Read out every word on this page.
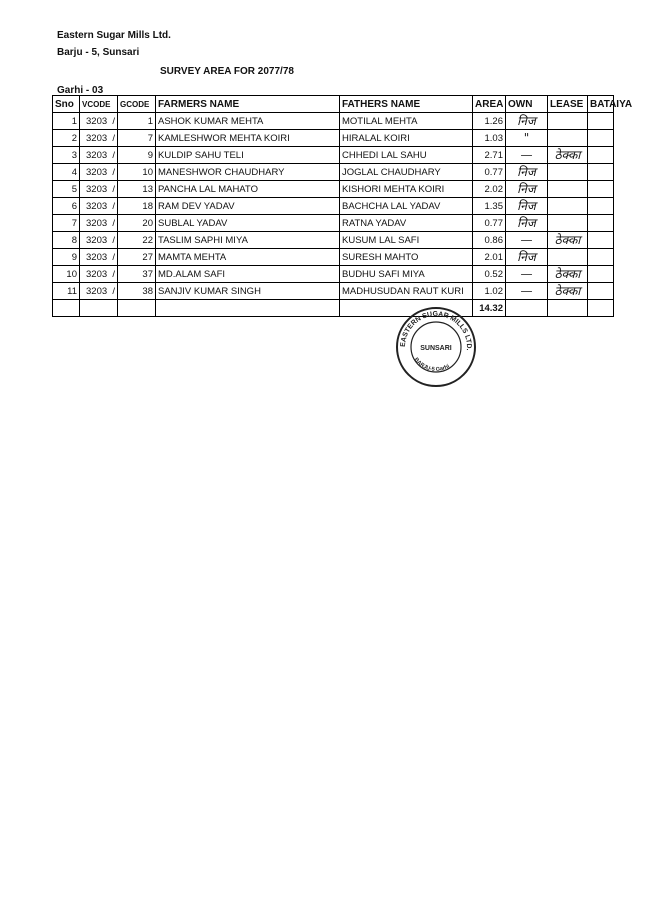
Eastern Sugar Mills Ltd.
Barju - 5, Sunsari
SURVEY AREA FOR 2077/78
Garhi - 03
Sno	VCODE	GCODE	FARMERS NAME	FATHERS NAME	AREA	OWN	LEASE	BATAIYA
1	3203 /	1	ASHOK KUMAR MEHTA	MOTILAL MEHTA	1.26	निज		
2	3203 /	7	KAMLESHWOR MEHTA KOIRI	HIRALAL KOIRI	1.03	"		
3	3203 /	9	KULDIP SAHU TELI	CHHEDI LAL SAHU	2.71	—	ठेक्का	
4	3203 /	10	MANESHWOR CHAUDHARY	JOGLAL CHAUDHARY	0.77	निज		
5	3203 /	13	PANCHA LAL MAHATO	KISHORI MEHTA KOIRI	2.02	निज		
6	3203 /	18	RAM DEV YADAV	BACHCHA LAL YADAV	1.35	निज		
7	3203 /	20	SUBLAL YADAV	RATNA YADAV	0.77	निज		
8	3203 /	22	TASLIM SAPHI MIYA	KUSUM LAL SAFI	0.86	—	ठेक्का	
9	3203 /	27	MAMTA MEHTA	SURESH MAHTO	2.01	निज		
10	3203 /	37	MD.ALAM SAFI	BUDHU SAFI MIYA	0.52	—	ठेक्का	
11	3203 /	38	SANJIV KUMAR SINGH	MADHUSUDAN RAUT KURI	1.02	—	ठेक्का	
					14.32			
EASTERN SUGAR MILLS LTD.
SUNSARI
BARJU-5 Garhi
